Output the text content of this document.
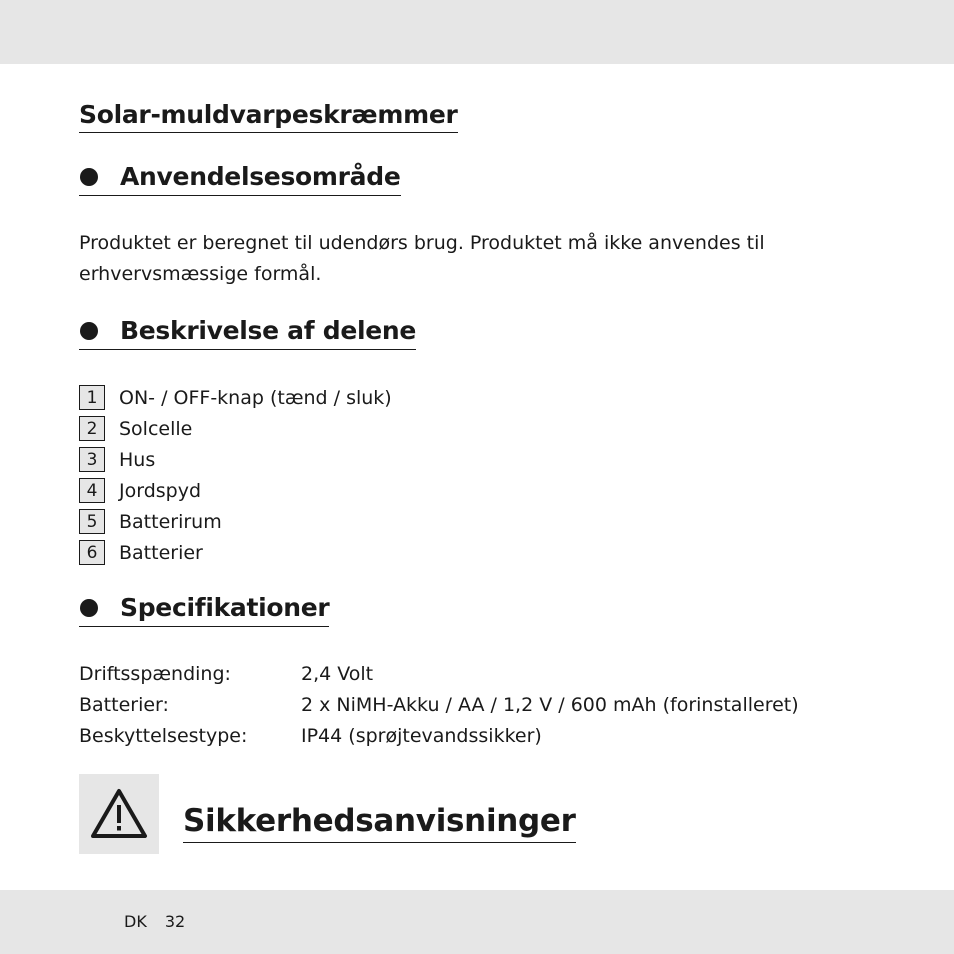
Solar-muldvarpeskræmmer
Anvendelsesområde
Produktet er beregnet til udendørs brug. Produktet må ikke anvendes til erhvervsmæssige formål.
Beskrivelse af delene
1	ON- / OFF-knap (tænd / sluk)
2	Solcelle
3	Hus
4	Jordspyd
5	Batterirum
6	Batterier
Specifikationer
Driftsspænding:	2,4 Volt
Batterier:	2 x NiMH-Akku / AA / 1,2 V / 600 mAh (forinstalleret)
Beskyttelsestype:	IP44 (sprøjtevandssikker)
Sikkerhedsanvisninger
DK 32
